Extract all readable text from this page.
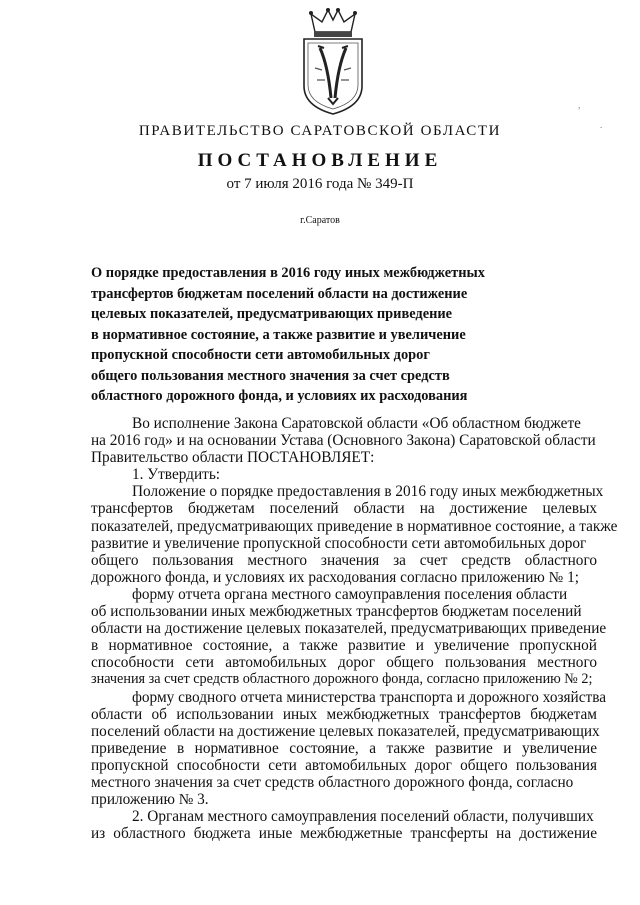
ПРАВИТЕЛЬСТВО САРАТОВСКОЙ ОБЛАСТИ
ПОСТАНОВЛЕНИЕ
от 7 июля 2016 года № 349-П
г.Саратов
О порядке предоставления в 2016 году иных межбюджетных
трансфертов бюджетам поселений области на достижение
целевых показателей, предусматривающих приведение
в нормативное состояние, а также развитие и увеличение
пропускной способности сети автомобильных дорог
общего пользования местного значения за счет средств
областного дорожного фонда, и условиях их расходования
Во исполнение Закона Саратовской области «Об областном бюджете
на 2016 год» и на основании Устава (Основного Закона) Саратовской области
Правительство области ПОСТАНОВЛЯЕТ:
1. Утвердить:
Положение о порядке предоставления в 2016 году иных межбюджетных
трансфертов бюджетам поселений области на достижение целевых
показателей, предусматривающих приведение в нормативное состояние, а также
развитие и увеличение пропускной способности сети автомобильных дорог
общего пользования местного значения за счет средств областного
дорожного фонда, и условиях их расходования согласно приложению № 1;
форму отчета органа местного самоуправления поселения области
об использовании иных межбюджетных трансфертов бюджетам поселений
области на достижение целевых показателей, предусматривающих приведение
в нормативное состояние, а также развитие и увеличение пропускной
способности сети автомобильных дорог общего пользования местного
значения за счет средств областного дорожного фонда, согласно приложению № 2;
форму сводного отчета министерства транспорта и дорожного хозяйства
области об использовании иных межбюджетных трансфертов бюджетам
поселений области на достижение целевых показателей, предусматривающих
приведение в нормативное состояние, а также развитие и увеличение
пропускной способности сети автомобильных дорог общего пользования
местного значения за счет средств областного дорожного фонда, согласно
приложению № 3.
2. Органам местного самоуправления поселений области, получивших
из областного бюджета иные межбюджетные трансферты на достижение
,
.
